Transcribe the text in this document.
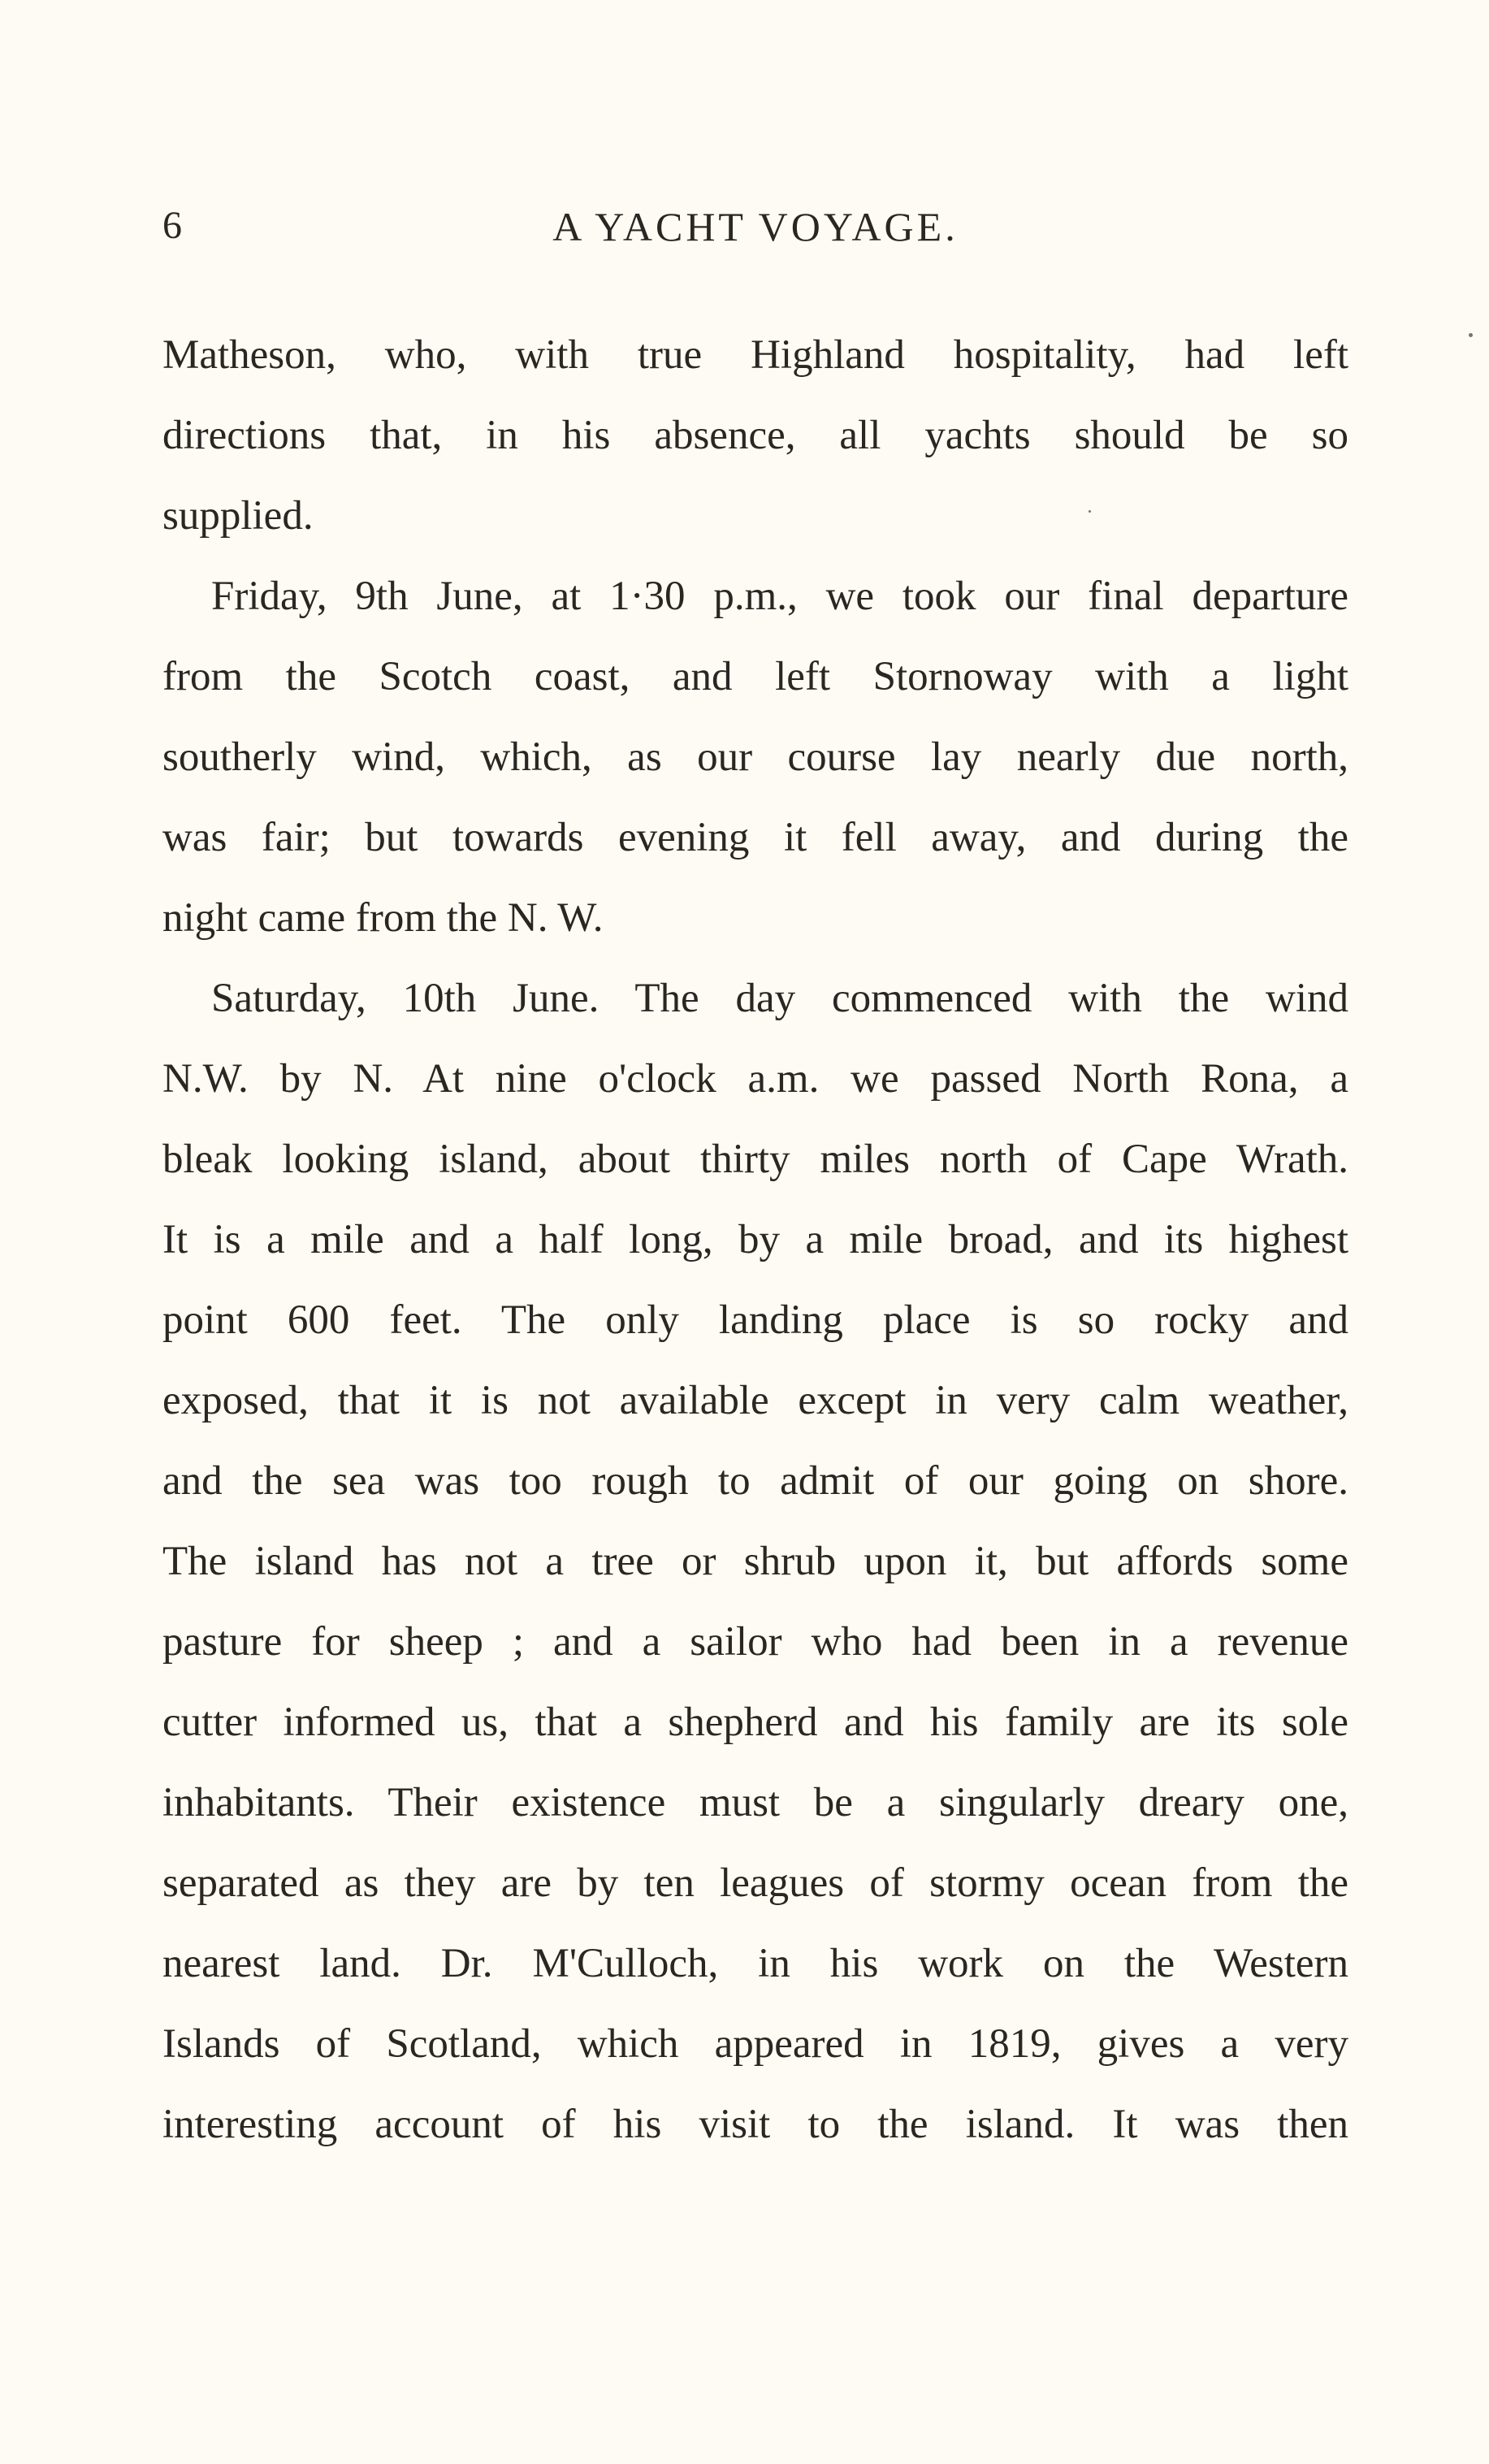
6	A YACHT VOYAGE.
Matheson, who, with true Highland hospitality, had left
directions that, in his absence, all yachts should be so
supplied.
Friday, 9th June, at 1·30 p.m., we took our final departure
from the Scotch coast, and left Stornoway with a light
southerly wind, which, as our course lay nearly due north,
was fair; but towards evening it fell away, and during the
night came from the N. W.
Saturday, 10th June. The day commenced with the wind
N.W. by N. At nine o'clock a.m. we passed North Rona, a
bleak looking island, about thirty miles north of Cape Wrath.
It is a mile and a half long, by a mile broad, and its highest
point 600 feet. The only landing place is so rocky and
exposed, that it is not available except in very calm weather,
and the sea was too rough to admit of our going on shore.
The island has not a tree or shrub upon it, but affords some
pasture for sheep ; and a sailor who had been in a revenue
cutter informed us, that a shepherd and his family are its sole
inhabitants. Their existence must be a singularly dreary one,
separated as they are by ten leagues of stormy ocean from the
nearest land. Dr. M'Culloch, in his work on the Western
Islands of Scotland, which appeared in 1819, gives a very
interesting account of his visit to the island. It was then
